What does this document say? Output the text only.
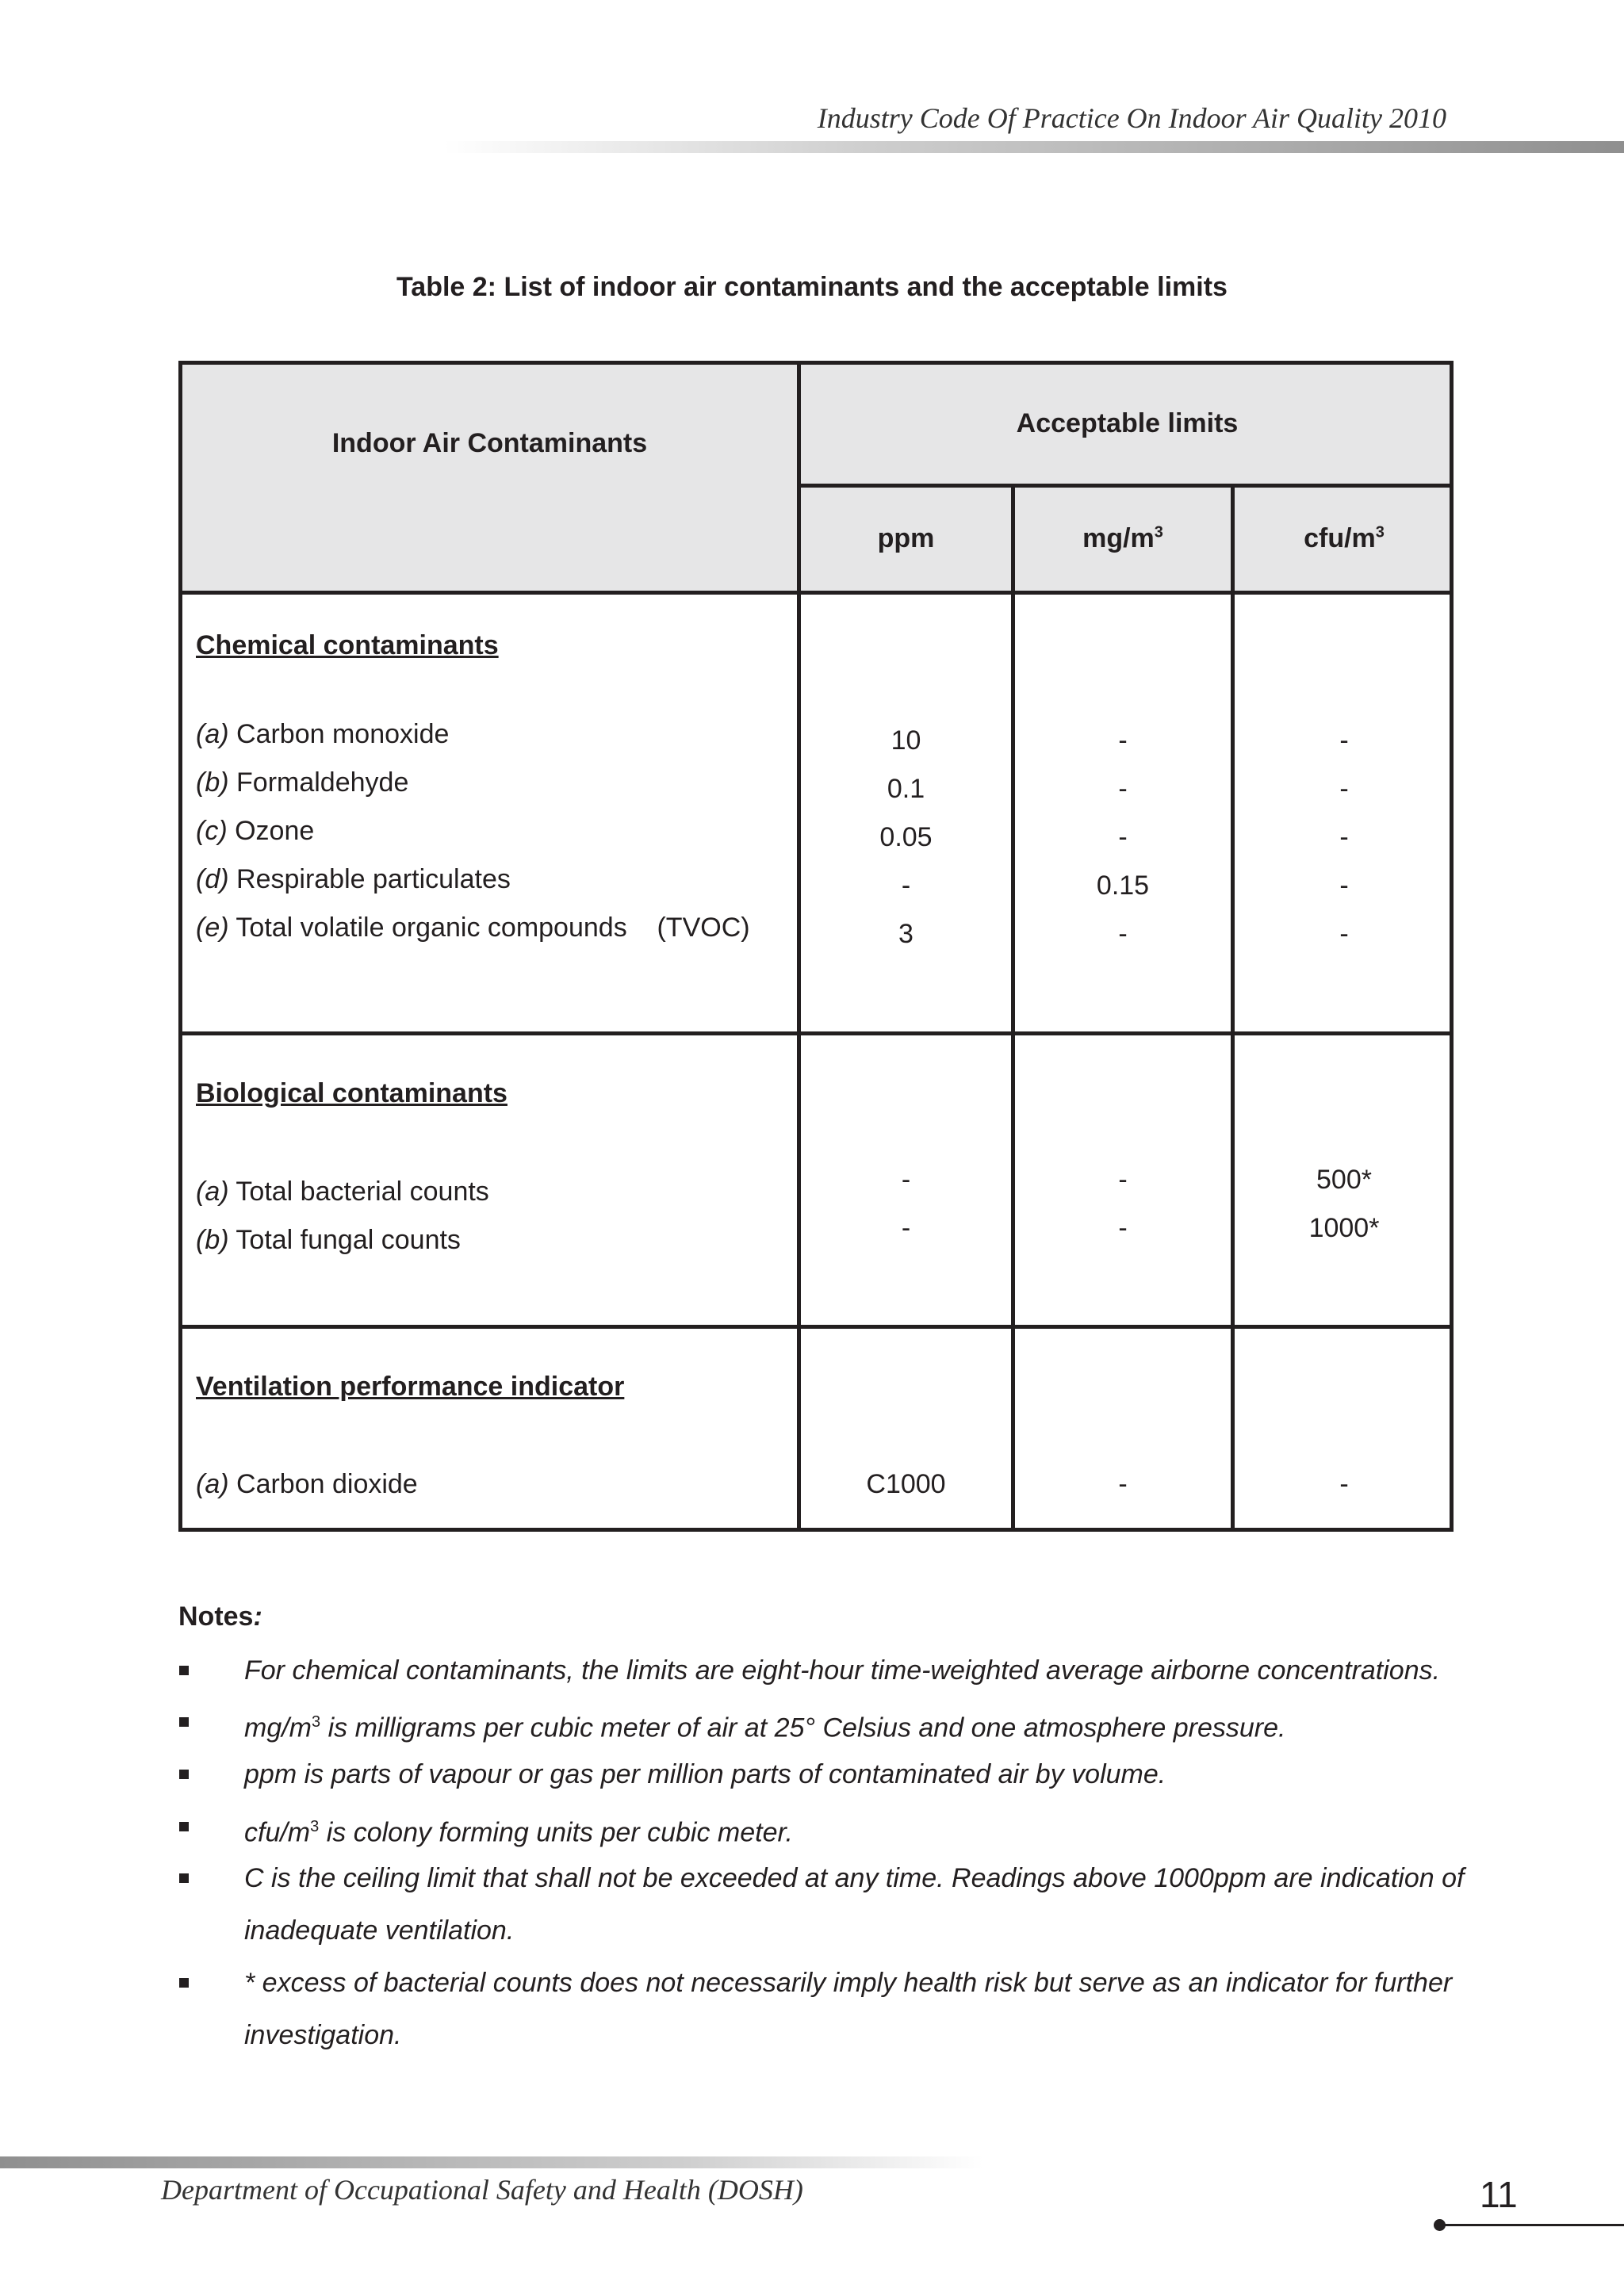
Industry Code Of Practice On Indoor Air Quality 2010
Table 2: List of indoor air contaminants and the acceptable limits
Indoor Air Contaminants
Acceptable limits
ppm	$mg/m^3$	cfu/$m^3$
Chemical contaminants
(a) Carbon monoxide	10	-	-
(b) Formaldehyde	0.1	-	-
(c) Ozone	0.05	-	-
(d) Respirable particulates	-	0.15	-
(e) Total volatile organic compounds    (TVOC)	3	-	-
Biological contaminants
(a) Total bacterial counts	-	-	500*
(b) Total fungal counts	-	-	1000*
Ventilation performance indicator
(a) Carbon dioxide	C1000	-	-
Notes:
For chemical contaminants, the limits are eight-hour time-weighted average airborne concentrations.
$mg/m^3$ is milligrams per cubic meter of air at 25° Celsius and one atmosphere pressure.
ppm is parts of vapour or gas per million parts of contaminated air by volume.
cfu/$m^3$ is colony forming units per cubic meter.
C is the ceiling limit that shall not be exceeded at any time. Readings above 1000ppm are indication of inadequate ventilation.
* excess of bacterial counts does not necessarily imply health risk but serve as an indicator for further investigation.
Department of Occupational Safety and Health (DOSH)	11
